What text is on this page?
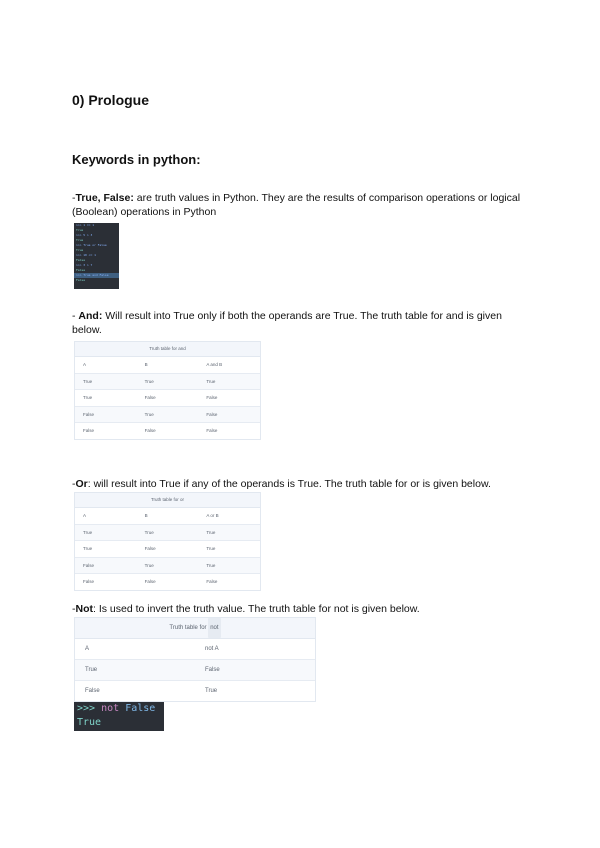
0) Prologue
Keywords in python:
-True, False: are truth values in Python. They are the results of comparison operations or logical (Boolean) operations in Python
>>> 1 == 1
True
>>> 5 > 3
True
>>> True or False
True
>>> 10 <= 1
False
>>> 3 > 7
False
>>> True and False
False
- And: Will result into True only if both the operands are True. The truth table for and is given below.
Truth table for and
A	B	A and B
True	True	True
True	False	False
False	True	False
False	False	False
-Or: will result into True if any of the operands is True. The truth table for or is given below.
Truth table for or
A	B	A or B
True	True	True
True	False	True
False	True	True
False	False	False
-Not: Is used to invert the truth value. The truth table for not is given below.
Truth table for not
A	not A
True	False
False	True
>>> not False
True
